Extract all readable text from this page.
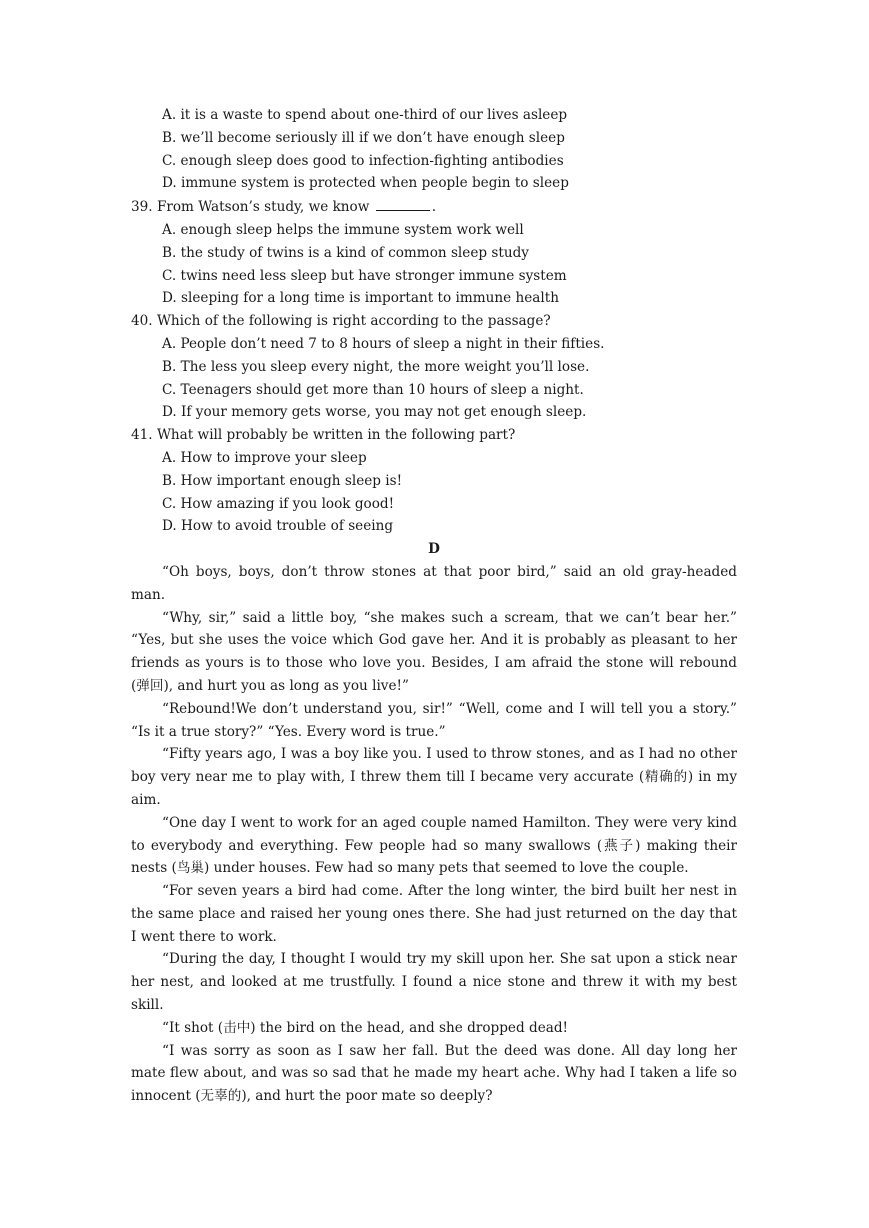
A. it is a waste to spend about one-third of our lives asleep
B. we’ll become seriously ill if we don’t have enough sleep
C. enough sleep does good to infection-fighting antibodies
D. immune system is protected when people begin to sleep
39. From Watson’s study, we know	.
A. enough sleep helps the immune system work well
B. the study of twins is a kind of common sleep study
C. twins need less sleep but have stronger immune system
D. sleeping for a long time is important to immune health
40. Which of the following is right according to the passage?
A. People don’t need 7 to 8 hours of sleep a night in their fifties.
B. The less you sleep every night, the more weight you’ll lose.
C. Teenagers should get more than 10 hours of sleep a night.
D. If your memory gets worse, you may not get enough sleep.
41. What will probably be written in the following part?
A. How to improve your sleep
B. How important enough sleep is!
C. How amazing if you look good!
D. How to avoid trouble of seeing
D

“Oh boys, boys, don’t throw stones at that poor bird,” said an old gray-headed man.

“Why, sir,” said a little boy, “she makes such a scream, that we can’t bear her.” “Yes, but she uses the voice which God gave her. And it is probably as pleasant to her friends as yours is to those who love you. Besides, I am afraid the stone will rebound (弹回), and hurt you as long as you live!”

“Rebound!We don’t understand you, sir!” “Well, come and I will tell you a story.” “Is it a true story?” “Yes. Every word is true.”

“Fifty years ago, I was a boy like you. I used to throw stones, and as I had no other boy very near me to play with, I threw them till I became very accurate (精确的) in my aim.

“One day I went to work for an aged couple named Hamilton. They were very kind to everybody and everything. Few people had so many swallows (燕子) making their nests (鸟巢) under houses. Few had so many pets that seemed to love the couple.

“For seven years a bird had come. After the long winter, the bird built her nest in the same place and raised her young ones there. She had just returned on the day that I went there to work.

“During the day, I thought I would try my skill upon her. She sat upon a stick near her nest, and looked at me trustfully. I found a nice stone and threw it with my best skill.

“It shot (击中) the bird on the head, and she dropped dead!

“I was sorry as soon as I saw her fall. But the deed was done. All day long her mate flew about, and was so sad that he made my heart ache. Why had I taken a life so innocent (无辜的), and hurt the poor mate so deeply?
